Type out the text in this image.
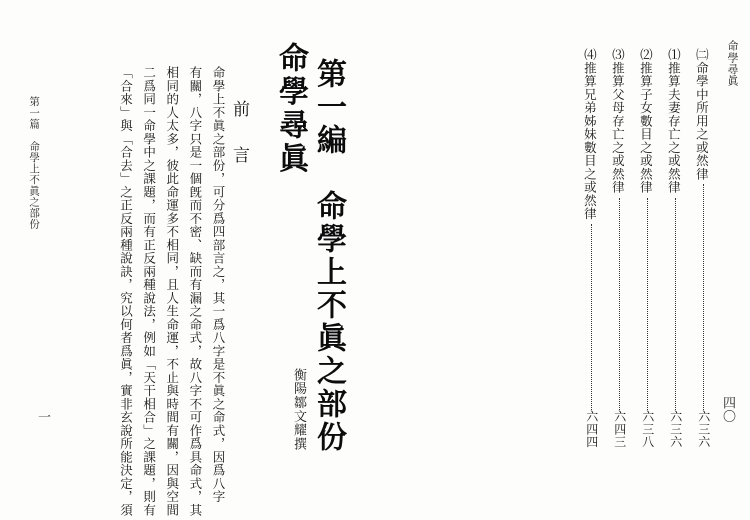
命學尋眞 第一編　命學上不眞之部份
衡陽鄒文耀撰
前　言
「合來」與「合去」之正反兩種說訣，究以何者爲眞，實非玄說所能決定，須 二爲同一命學中之課題，而有正反兩種說法，例如「天干相合」之課題，則有 相同的人太多，彼此命運多不相同，且人生命運，不止與時間有關，因與空間 有關，八字只是一個旣而不密、缺而有漏之命式，故八字不可作爲具命式，其 命學上不眞之部份，可分爲四部言之，其一爲八字是不眞之命式，因爲八字
第一篇　命學上不眞之部份
一
命學尋眞
⑷推算兄弟姊妹數目之或然律
六四四
⑶推算父母存亡之或然律
六四三
⑵推算子女數目之或然律
六三八
⑴推算夫妻存亡之或然律
六三六
㈡命學中所用之或然律
六三六 四〇
